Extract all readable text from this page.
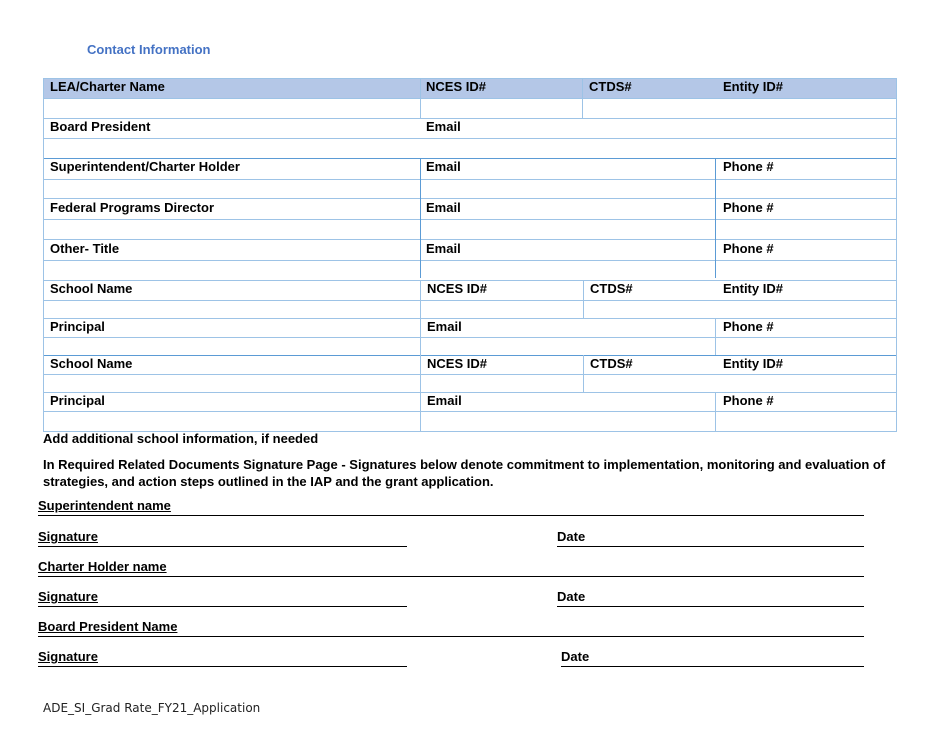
Contact Information
LEA/Charter Name	NCES ID#	CTDS#	Entity ID#
Board President	Email
Superintendent/Charter Holder	Email	Phone #
Federal Programs Director	Email	Phone #
Other- Title	Email	Phone #
School Name	NCES ID#	CTDS#	Entity ID#
Principal	Email	Phone #
School Name	NCES ID#	CTDS#	Entity ID#
Principal	Email	Phone #
Add additional school information, if needed
In Required Related Documents Signature Page - Signatures below denote commitment to implementation, monitoring and evaluation of strategies, and action steps outlined in the IAP and the grant application.
Superintendent name
Signature	Date
Charter Holder name
Signature	Date
Board President Name
Signature	Date
ADE_SI_Grad Rate_FY21_Application
